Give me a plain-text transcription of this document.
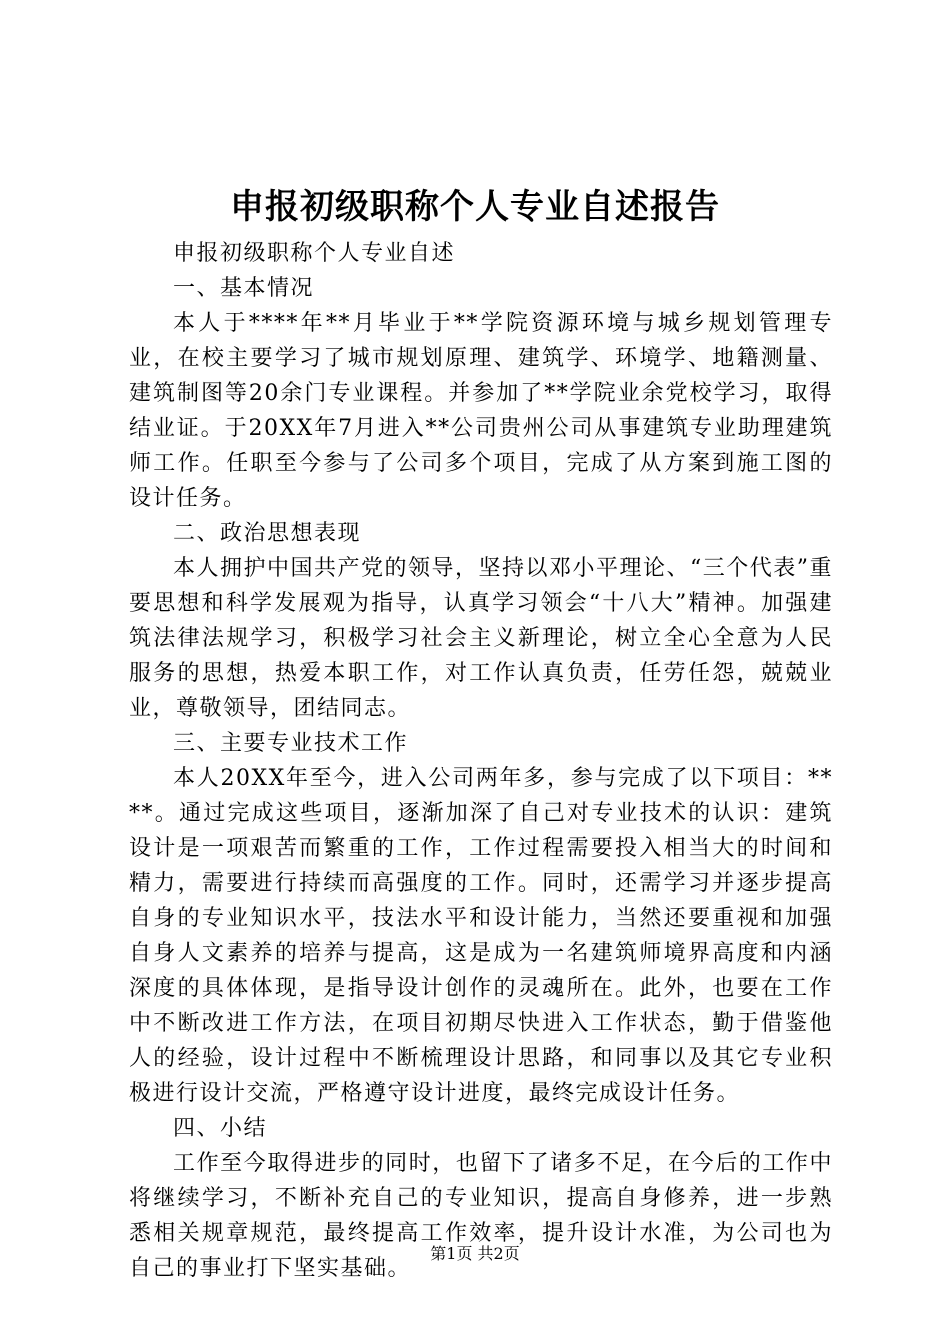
申报初级职称个人专业自述报告

申报初级职称个人专业自述

一、基本情况

本人于****年**月毕业于**学院资源环境与城乡规划管理专业，在校主要学习了城市规划原理、建筑学、环境学、地籍测量、建筑制图等20余门专业课程。并参加了**学院业余党校学习，取得结业证。于20XX年7月进入**公司贵州公司从事建筑专业助理建筑师工作。任职至今参与了公司多个项目，完成了从方案到施工图的设计任务。

二、政治思想表现

本人拥护中国共产党的领导，坚持以邓小平理论、“三个代表”重要思想和科学发展观为指导，认真学习领会“十八大”精神。加强建筑法律法规学习，积极学习社会主义新理论，树立全心全意为人民服务的思想，热爱本职工作，对工作认真负责，任劳任怨，兢兢业业，尊敬领导，团结同志。

三、主要专业技术工作

本人20XX年至今，进入公司两年多，参与完成了以下项目：****。通过完成这些项目，逐渐加深了自己对专业技术的认识：建筑设计是一项艰苦而繁重的工作，工作过程需要投入相当大的时间和精力，需要进行持续而高强度的工作。同时，还需学习并逐步提高自身的专业知识水平，技法水平和设计能力，当然还要重视和加强自身人文素养的培养与提高，这是成为一名建筑师境界高度和内涵深度的具体体现，是指导设计创作的灵魂所在。此外，也要在工作中不断改进工作方法，在项目初期尽快进入工作状态，勤于借鉴他人的经验，设计过程中不断梳理设计思路，和同事以及其它专业积极进行设计交流，严格遵守设计进度，最终完成设计任务。

四、小结

工作至今取得进步的同时，也留下了诸多不足，在今后的工作中将继续学习，不断补充自己的专业知识，提高自身修养，进一步熟悉相关规章规范，最终提高工作效率，提升设计水准，为公司也为自己的事业打下坚实基础。

第1页 共2页
